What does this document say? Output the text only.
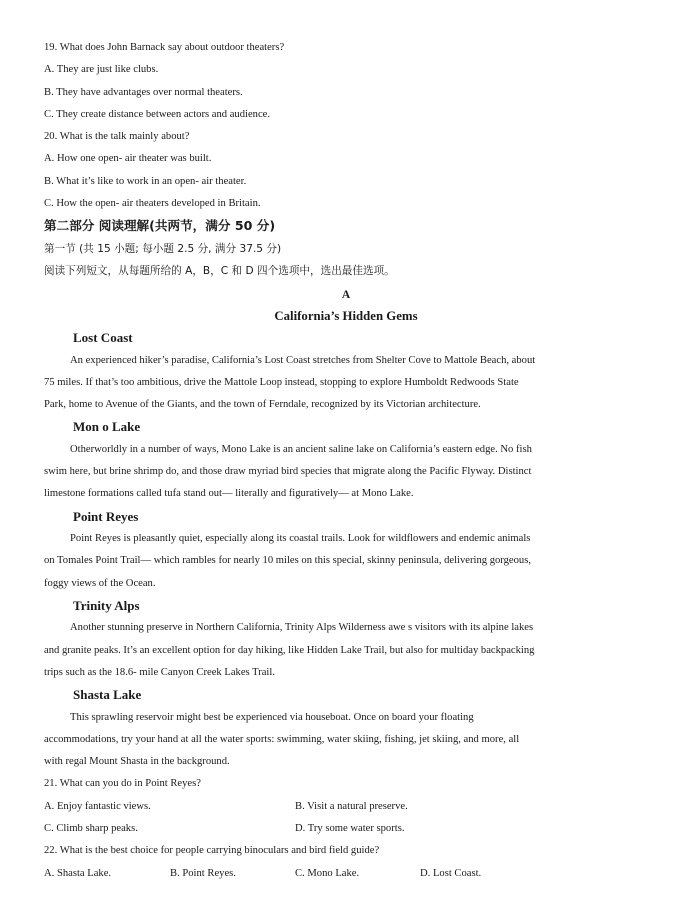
19. What does John Barnack say about outdoor theaters?
A. They are just like clubs.
B. They have advantages over normal theaters.
C. They create distance between actors and audience.
20. What is the talk mainly about?
A. How one open- air theater was built.
B. What it’s like to work in an open- air theater.
C. How the open- air theaters developed in Britain.
第二部分 阅读理解(共两节，满分 50 分)
第一节 (共 15 小题; 每小题 2.5 分, 满分 37.5 分)
阅读下列短文，从每题所给的 A，B，C 和 D 四个选项中，选出最佳选项。
A
California’s Hidden Gems
Lost Coast
An experienced hiker’s paradise, California’s Lost Coast stretches from Shelter Cove to Mattole Beach, about
75 miles. If that’s too ambitious, drive the Mattole Loop instead, stopping to explore Humboldt Redwoods State
Park, home to Avenue of the Giants, and the town of Ferndale, recognized by its Victorian architecture.
Mon o Lake
Otherworldly in a number of ways, Mono Lake is an ancient saline lake on California’s eastern edge. No fish
swim here, but brine shrimp do, and those draw myriad bird species that migrate along the Pacific Flyway. Distinct
limestone formations called tufa stand out— literally and figuratively— at Mono Lake.
Point Reyes
Point Reyes is pleasantly quiet, especially along its coastal trails. Look for wildflowers and endemic animals
on Tomales Point Trail— which rambles for nearly 10 miles on this special, skinny peninsula, delivering gorgeous,
foggy views of the Ocean.
Trinity Alps
Another stunning preserve in Northern California, Trinity Alps Wilderness awe s visitors with its alpine lakes
and granite peaks. It’s an excellent option for day hiking, like Hidden Lake Trail, but also for multiday backpacking
trips such as the 18.6- mile Canyon Creek Lakes Trail.
Shasta Lake
This sprawling reservoir might best be experienced via houseboat. Once on board your floating
accommodations, try your hand at all the water sports: swimming, water skiing, fishing, jet skiing, and more, all
with regal Mount Shasta in the background.
21. What can you do in Point Reyes?
A. Enjoy fantastic views.	B. Visit a natural preserve.
C. Climb sharp peaks.	D. Try some water sports.
22. What is the best choice for people carrying binoculars and bird field guide?
A. Shasta Lake.	B. Point Reyes.	C. Mono Lake.	D. Lost Coast.
